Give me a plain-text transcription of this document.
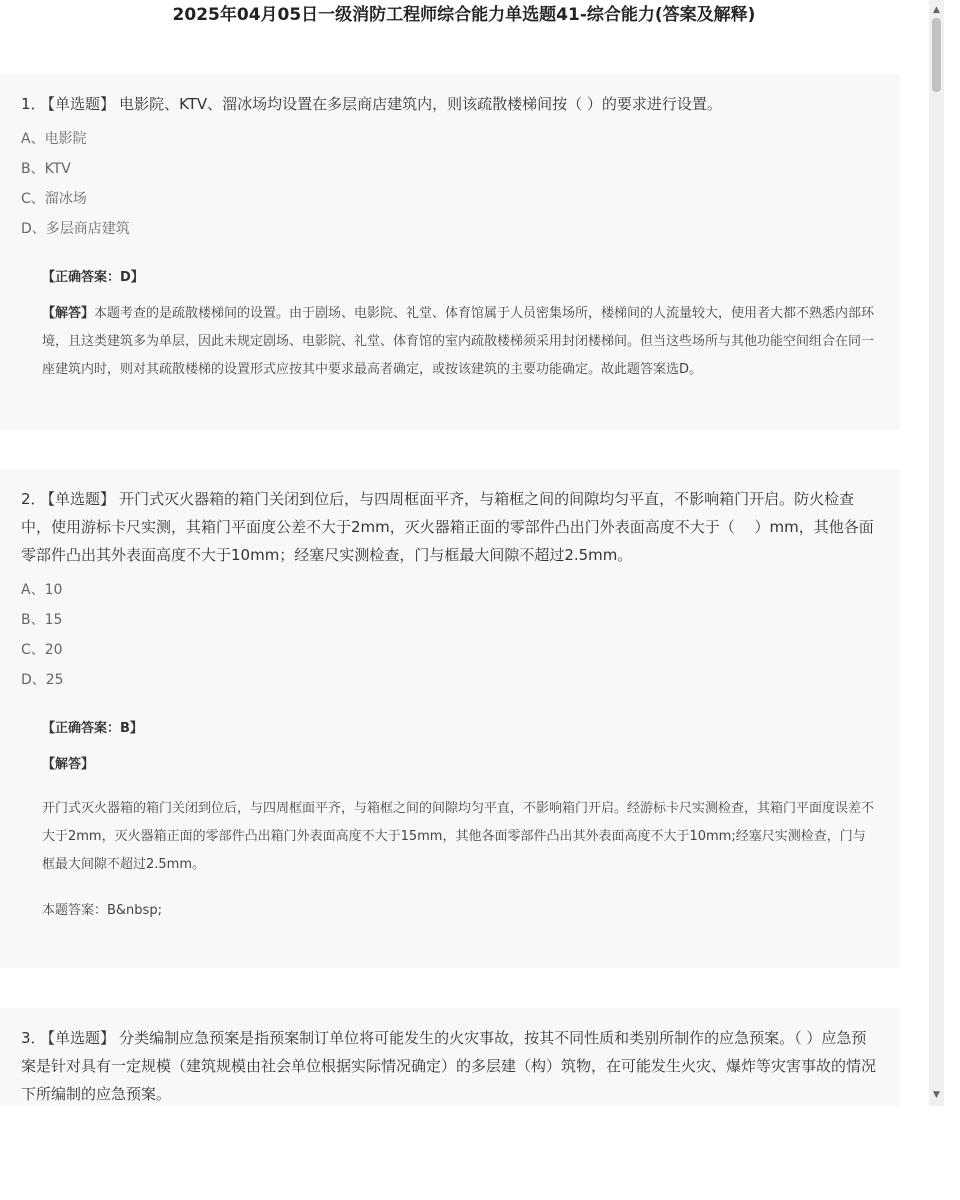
2025年04月05日一级消防工程师综合能力单选题41-综合能力(答案及解释)

1． 【单选题】 电影院、KTV、溜冰场均设置在多层商店建筑内，则该疏散楼梯间按（ ）的要求进行设置。

A、电影院
B、KTV
C、溜冰场
D、多层商店建筑
【正确答案：D】
【解答】本题考查的是疏散楼梯间的设置。由于剧场、电影院、礼堂、体育馆属于人员密集场所，楼梯间的人流量较大，使用者大都不熟悉内部环境，且这类建筑多为单层，因此未规定剧场、电影院、礼堂、体育馆的室内疏散楼梯须采用封闭楼梯间。但当这些场所与其他功能空间组合在同一座建筑内时，则对其疏散楼梯的设置形式应按其中要求最高者确定，或按该建筑的主要功能确定。故此题答案选D。

2． 【单选题】 开门式灭火器箱的箱门关闭到位后，与四周框面平齐，与箱框之间的间隙均匀平直，不影响箱门开启。防火检查中，使用游标卡尺实测，其箱门平面度公差不大于2mm，灭火器箱正面的零部件凸出门外表面高度不大于（　 ）mm，其他各面零部件凸出其外表面高度不大于10mm；经塞尺实测检查，门与框最大间隙不超过2.5mm。

A、10
B、15
C、20
D、25
【正确答案：B】
【解答】
开门式灭火器箱的箱门关闭到位后，与四周框面平齐，与箱框之间的间隙均匀平直，不影响箱门开启。经游标卡尺实测检查，其箱门平面度误差不大于2mm，灭火器箱正面的零部件凸出箱门外表面高度不大于15mm，其他各面零部件凸出其外表面高度不大于10mm;经塞尺实测检查，门与框最大间隙不超过2.5mm。
本题答案：B&nbsp;

3． 【单选题】 分类编制应急预案是指预案制订单位将可能发生的火灾事故，按其不同性质和类别所制作的应急预案。（ ）应急预案是针对具有一定规模（建筑规模由社会单位根据实际情况确定）的多层建（构）筑物，在可能发生火灾、爆炸等灾害事故的情况下所编制的应急预案。

▲
▼
